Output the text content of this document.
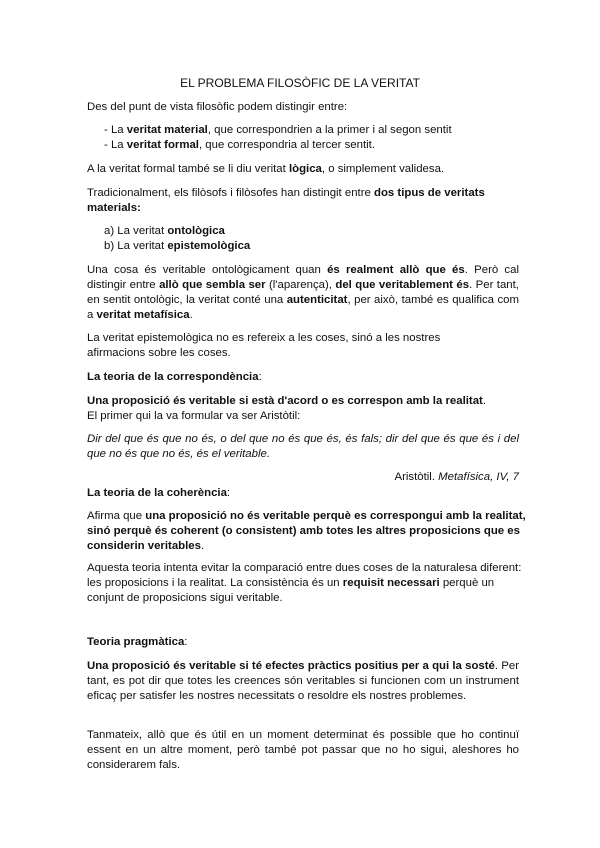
EL PROBLEMA FILOSÒFIC DE LA VERITAT

Des del punt de vista filosòfic podem distingir entre:

- La veritat material, que correspondrien a la primer i al segon sentit

- La veritat formal, que correspondria al tercer sentit.

A la veritat formal també se li diu veritat lògica, o simplement validesa.

Tradicionalment, els filòsofs i filòsofes han distingit entre dos tipus de veritats materials:

a) La veritat ontològica

b) La veritat epistemològica

Una cosa és veritable ontològicament quan és realment allò que és. Però cal distingir entre allò que sembla ser (l'aparença), del que veritablement és. Per tant, en sentit ontològic, la veritat conté una autenticitat, per això, també es qualifica com a veritat metafísica.

La veritat epistemològica no es refereix a les coses, sinó a les nostres afirmacions sobre les coses.

La teoria de la correspondència:

Una proposició és veritable si està d'acord o es correspon amb la realitat.
El primer qui la va formular va ser Aristòtil:

Dir del que és que no és, o del que no és que és, és fals; dir del que és que és i del que no és que no és, és el veritable.

Aristòtil. Metafísica, IV, 7

La teoria de la coherència:

Afirma que una proposició no és veritable perquè es correspongui amb la realitat, sinó perquè és coherent (o consistent) amb totes les altres proposicions que es considerin veritables.

Aquesta teoria intenta evitar la comparació entre dues coses de la naturalesa diferent: les proposicions i la realitat. La consistència és un requisit necessari perquè un conjunt de proposicions sigui veritable.

Teoria pragmàtica:

Una proposició és veritable si té efectes pràctics positius per a qui la sosté. Per tant, es pot dir que totes les creences són veritables si funcionen com un instrument eficaç per satisfer les nostres necessitats o resoldre els nostres problemes.

Tanmateix, allò que és útil en un moment determinat és possible que ho continuï essent en un altre moment, però també pot passar que no ho sigui, aleshores ho considerarem fals.
